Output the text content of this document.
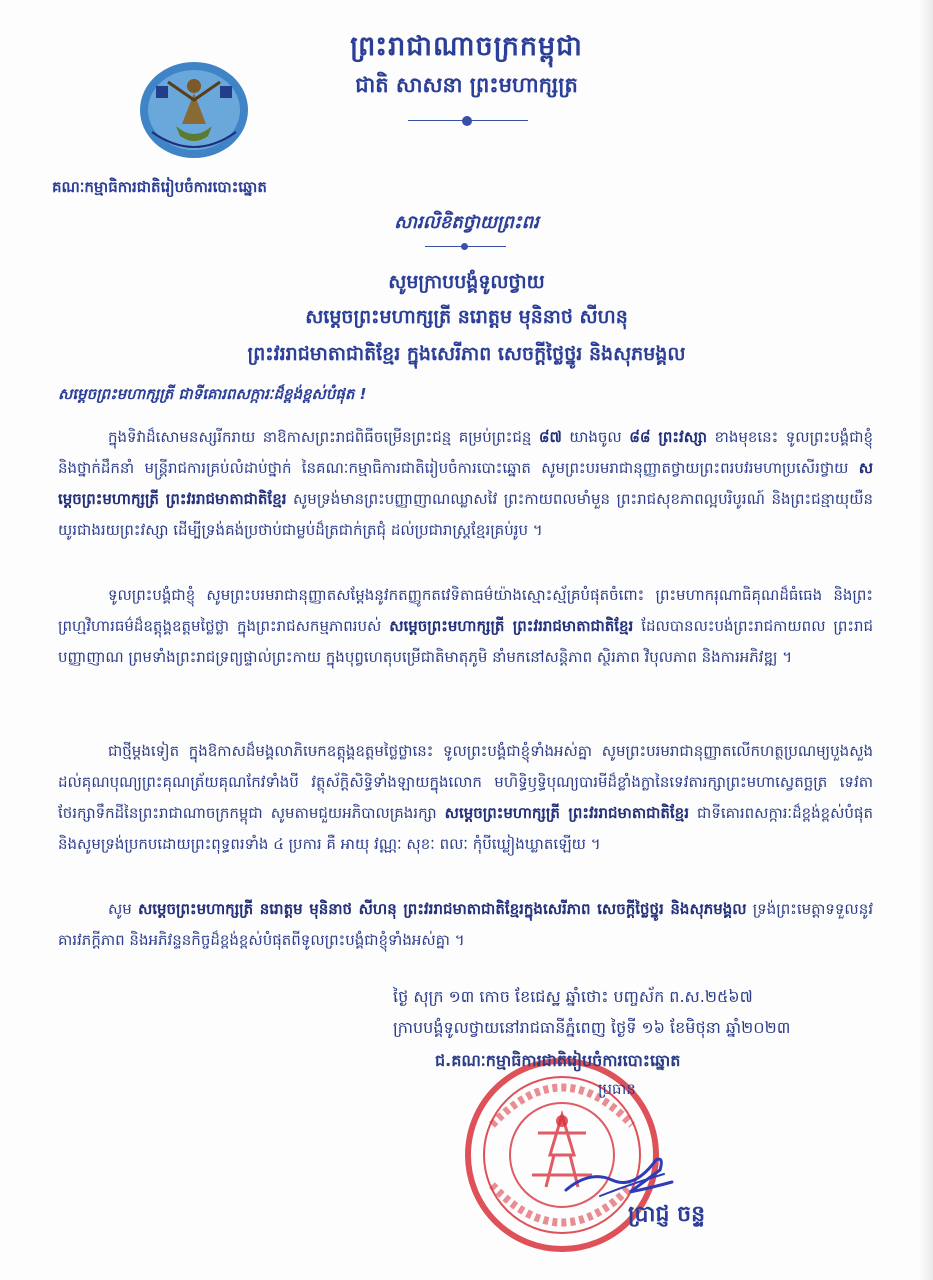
ព្រះរាជាណាចក្រកម្ពុជា
ជាតិ សាសនា ព្រះមហាក្សត្រ
គណៈកម្មាធិការជាតិរៀបចំការបោះឆ្នោត
សារលិខិតថ្វាយព្រះពរ
សូមក្រាបបង្គំទូលថ្វាយ
សម្តេចព្រះមហាក្សត្រី នរោត្តម មុនិនាថ សីហនុ
ព្រះវររាជមាតាជាតិខ្មែរ ក្នុងសេរីភាព សេចក្តីថ្លៃថ្នូរ និងសុភមង្គល
សម្តេចព្រះមហាក្សត្រី ជាទីគោរពសក្ការៈដ៏ខ្ពង់ខ្ពស់បំផុត !
ក្នុងទិវាដ៏សោមនស្សរីករាយ នាឱកាសព្រះរាជពិធីចម្រើនព្រះជន្ម គម្រប់ព្រះជន្ម ៨៧ យាងចូល ៨៨ ព្រះវស្សា ខាងមុខនេះ ទូលព្រះបង្គំជាខ្ញុំ និងថ្នាក់ដឹកនាំ មន្ត្រីរាជការគ្រប់លំដាប់ថ្នាក់ នៃគណៈកម្មាធិការជាតិរៀបចំការបោះឆ្នោត សូមព្រះបរមរាជានុញ្ញាតថ្វាយព្រះពរបវរមហាប្រសើរថ្វាយ សម្តេចព្រះមហាក្សត្រី ព្រះវររាជមាតាជាតិខ្មែរ សូមទ្រង់មានព្រះបញ្ញាញាណឈ្លាសវៃ ព្រះកាយពលមាំមួន ព្រះរាជសុខភាពល្អបរិបូរណ៍ និងព្រះជន្មាយុយឺនយូរជាងរយព្រះវស្សា ដើម្បីទ្រង់គង់ប្រថាប់ជាម្លប់ដ៏ត្រជាក់ត្រជុំ ដល់ប្រជារាស្ត្រខ្មែរគ្រប់រូប ។
ទូលព្រះបង្គំជាខ្ញុំ សូមព្រះបរមរាជានុញ្ញាតសម្តែងនូវកតញ្ញូកតវេទិតាធម៌យ៉ាងស្មោះស្ម័គ្របំផុតចំពោះ ព្រះមហាករុណាធិគុណដ៏ធំធេង និងព្រះព្រហ្មវិហារធម៌ដ៏ឧត្តុង្គឧត្តមថ្លៃថ្លា ក្នុងព្រះរាជសកម្មភាពរបស់ សម្តេចព្រះមហាក្សត្រី ព្រះវររាជមាតាជាតិខ្មែរ ដែលបានលះបង់ព្រះរាជកាយពល ព្រះរាជបញ្ញាញាណ ព្រមទាំងព្រះរាជទ្រព្យផ្ទាល់ព្រះកាយ ក្នុងបុព្វហេតុបម្រើជាតិមាតុភូមិ នាំមកនៅសន្តិភាព ស្ថិរភាព វិបុលភាព និងការអភិវឌ្ឍ ។
ជាថ្មីម្តងទៀត ក្នុងឱកាសដ៏មង្គលាភិឞេកឧត្តុង្គឧត្តមថ្លៃថ្លានេះ ទូលព្រះបង្គំជាខ្ញុំទាំងអស់គ្នា សូមព្រះបរមរាជានុញ្ញាតលើកហត្ថប្រណម្យបួងសួង ដល់គុណបុណ្យព្រះគុណត្រ័យគុណកែវទាំងបី វត្ថុស័ក្តិសិទ្ធិទាំងឡាយក្នុងលោក មហិទ្ធិឫទ្ធិបុណ្យបារមីដ៏ខ្លាំងក្លានៃទេវតារក្សាព្រះមហាស្វេតច្ឆត្រ ទេវតាថែរក្សាទឹកដីនៃព្រះរាជាណាចក្រកម្ពុជា សូមតាមជួយអភិបាលគ្រងរក្សា សម្តេចព្រះមហាក្សត្រី ព្រះវររាជមាតាជាតិខ្មែរ ជាទីគោរពសក្ការៈដ៏ខ្ពង់ខ្ពស់បំផុត និងសូមទ្រង់ប្រកបដោយព្រះពុទ្ធពរទាំង ៤ ប្រការ គឺ អាយុ វណ្ណៈ សុខៈ ពលៈ កុំបីឃ្លៀងឃ្លាតឡើយ ។
សូម សម្តេចព្រះមហាក្សត្រី នរោត្តម មុនិនាថ សីហនុ ព្រះវររាជមាតាជាតិខ្មែរក្នុងសេរីភាព សេចក្តីថ្លៃថ្នូរ និងសុភមង្គល ទ្រង់ព្រះមេត្តាទទួលនូវគារវភក្តីភាព និងអភិវន្ទនកិច្ចដ៏ខ្ពង់ខ្ពស់បំផុតពីទូលព្រះបង្គំជាខ្ញុំទាំងអស់គ្នា ។
ថ្ងៃ សុក្រ ១៣ កោច ខែជេស្ឋ ឆ្នាំថោះ បញ្ចស័ក ព.ស.២៥៦៧
ក្រាបបង្គំទូលថ្វាយនៅរាជធានីភ្នំពេញ ថ្ងៃទី ១៦ ខែមិថុនា ឆ្នាំ២០២៣
ជ.គណៈកម្មាធិការជាតិរៀបចំការបោះឆ្នោត
ប្រធាន
ប្រាជ្ញ ចន្ទ
